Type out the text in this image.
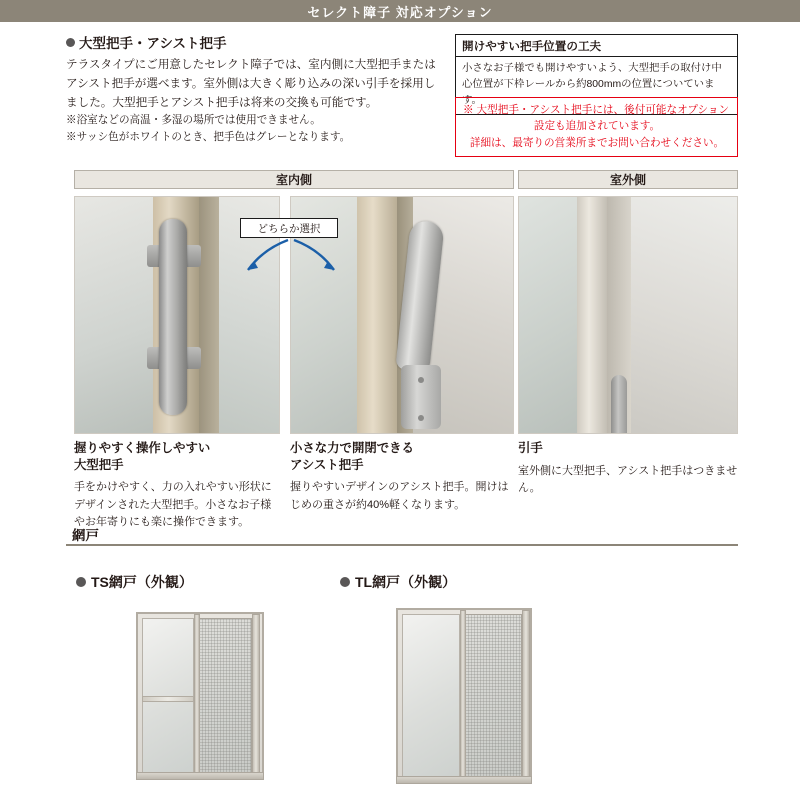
セレクト障子 対応オプション
大型把手・アシスト把手
テラスタイプにご用意したセレクト障子では、室内側に大型把手または アシスト把手が選べます。室外側は大きく彫り込みの深い引手を採用しました。大型把手とアシスト把手は将来の交換も可能です。
※浴室などの高温・多湿の場所では使用できません。
※サッシ色がホワイトのとき、把手色はグレーとなります。
開けやすい把手位置の工夫
小さなお子様でも開けやすいよう、大型把手の取付け中心位置が下枠レールから約800mmの位置についています。
※ 大型把手・アシスト把手には、後付可能なオプション
設定も追加されています。
詳細は、最寄りの営業所までお問い合わせください。
室内側	室外側
どちらか選択
握りやすく操作しやすい
大型把手

手をかけやすく、力の入れやすい形状にデザインされた大型把手。小さなお子様やお年寄りにも楽に操作できます。

小さな力で開閉できる
アシスト把手

握りやすいデザインのアシスト把手。開けはじめの重さが約40%軽くなります。

引手

室外側に大型把手、アシスト把手はつきません。

網戸
TS網戸（外観）	TL網戸（外観）
